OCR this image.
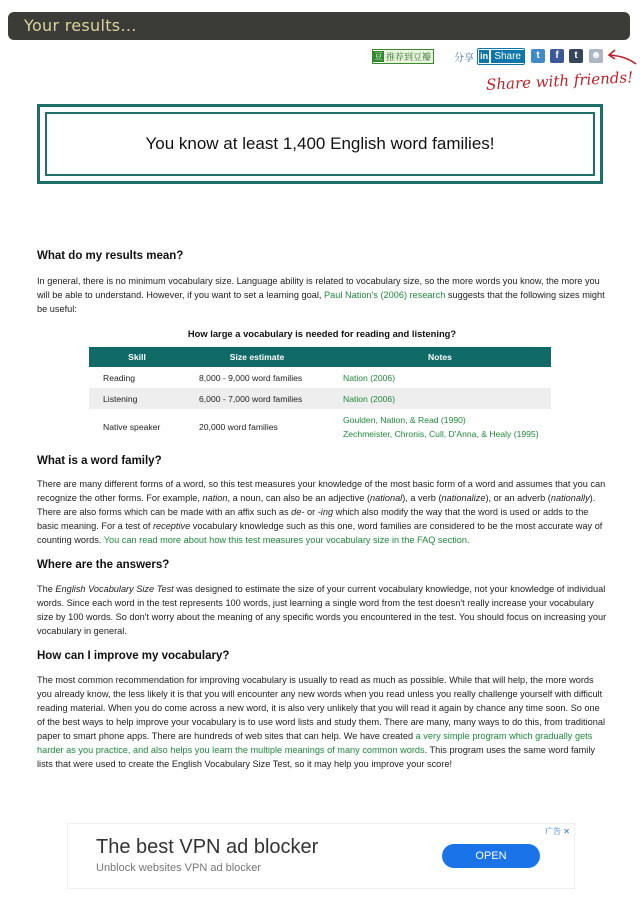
Your results...
豆 推荐到豆瓣 分享 in Share	t	f	t	☻
Share with friends!
You know at least 1,400 English word families!
What do my results mean?

In general, there is no minimum vocabulary size. Language ability is related to vocabulary size, so the more words you know, the more you will be able to understand. However, if you want to set a learning goal, Paul Nation's (2006) research suggests that the following sizes might be useful:

How large a vocabulary is needed for reading and listening?
Skill	Size estimate	Notes
Reading	8,000 - 9,000 word families	Nation (2006)
Listening	6,000 - 7,000 word families	Nation (2006)
Native speaker	20,000 word families	Goulden, Nation, & Read (1990)
Zechmeister, Chronis, Cull, D'Anna, & Healy (1995)
What is a word family?

There are many different forms of a word, so this test measures your knowledge of the most basic form of a word and assumes that you can recognize the other forms. For example, nation, a noun, can also be an adjective (national), a verb (nationalize), or an adverb (nationally). There are also forms which can be made with an affix such as de- or -ing which also modify the way that the word is used or adds to the basic meaning. For a test of receptive vocabulary knowledge such as this one, word families are considered to be the most accurate way of counting words. You can read more about how this test measures your vocabulary size in the FAQ section.

Where are the answers?

The English Vocabulary Size Test was designed to estimate the size of your current vocabulary knowledge, not your knowledge of individual words. Since each word in the test represents 100 words, just learning a single word from the test doesn't really increase your vocabulary size by 100 words. So don't worry about the meaning of any specific words you encountered in the test. You should focus on increasing your vocabulary in general.

How can I improve my vocabulary?

The most common recommendation for improving vocabulary is usually to read as much as possible. While that will help, the more words you already know, the less likely it is that you will encounter any new words when you read unless you really challenge yourself with difficult reading material. When you do come across a new word, it is also very unlikely that you will read it again by chance any time soon. So one of the best ways to help improve your vocabulary is to use word lists and study them. There are many, many ways to do this, from traditional paper to smart phone apps. There are hundreds of web sites that can help. We have created a very simple program which gradually gets harder as you practice, and also helps you learn the multiple meanings of many common words. This program uses the same word family lists that were used to create the English Vocabulary Size Test, so it may help you improve your score!

广告 ✕
The best VPN ad blocker
Unblock websites VPN ad blocker
OPEN
